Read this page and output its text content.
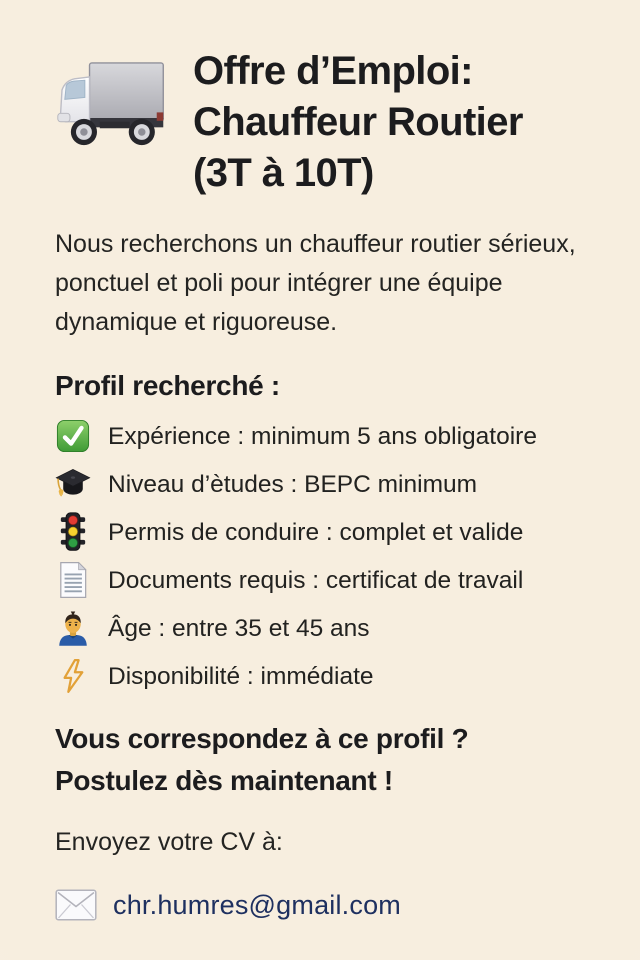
Offre d’Emploi:
Chauffeur Routier
(3T à 10T)

Nous recherchons un chauffeur routier sérieux, ponctuel et poli pour intégrer une équipe dynamique et riguoreuse.

Profil recherché :
Expérience : minimum 5 ans obligatoire
Niveau d’ètudes : BEPC minimum
Permis de conduire : complet et valide
Documents requis : certificat de travail
Âge : entre 35 et 45 ans
Disponibilité : immédiate
Vous correspondez à ce profil ?
Postulez dès maintenant !

Envoyez votre CV à:

chr.humres@gmail.com
